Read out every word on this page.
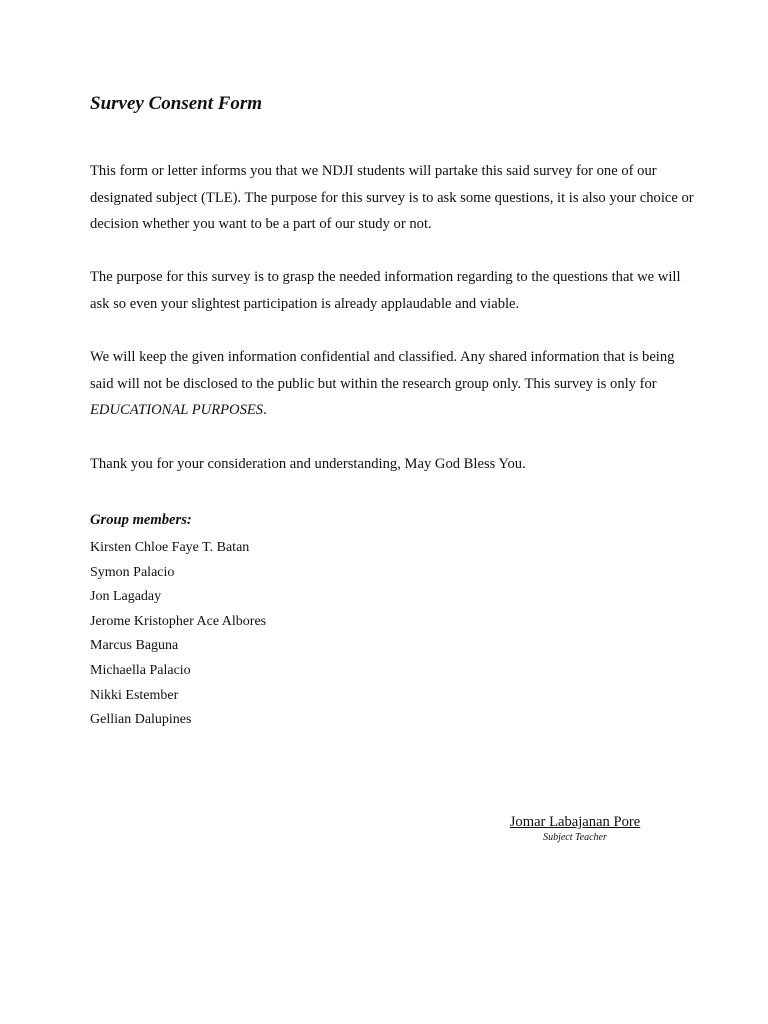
Survey Consent Form

This form or letter informs you that we NDJI students will partake this said survey for one of our designated subject (TLE). The purpose for this survey is to ask some questions, it is also your choice or decision whether you want to be a part of our study or not.

The purpose for this survey is to grasp the needed information regarding to the questions that we will ask so even your slightest participation is already applaudable and viable.

We will keep the given information confidential and classified. Any shared information that is being said will not be disclosed to the public but within the research group only. This survey is only for EDUCATIONAL PURPOSES.

Thank you for your consideration and understanding, May God Bless You.

Group members:

Kirsten Chloe Faye T. Batan
Symon Palacio
Jon Lagaday
Jerome Kristopher Ace Albores
Marcus Baguna
Michaella Palacio
Nikki Estember
Gellian Dalupines
Jomar Labajanan Pore
Subject Teacher
